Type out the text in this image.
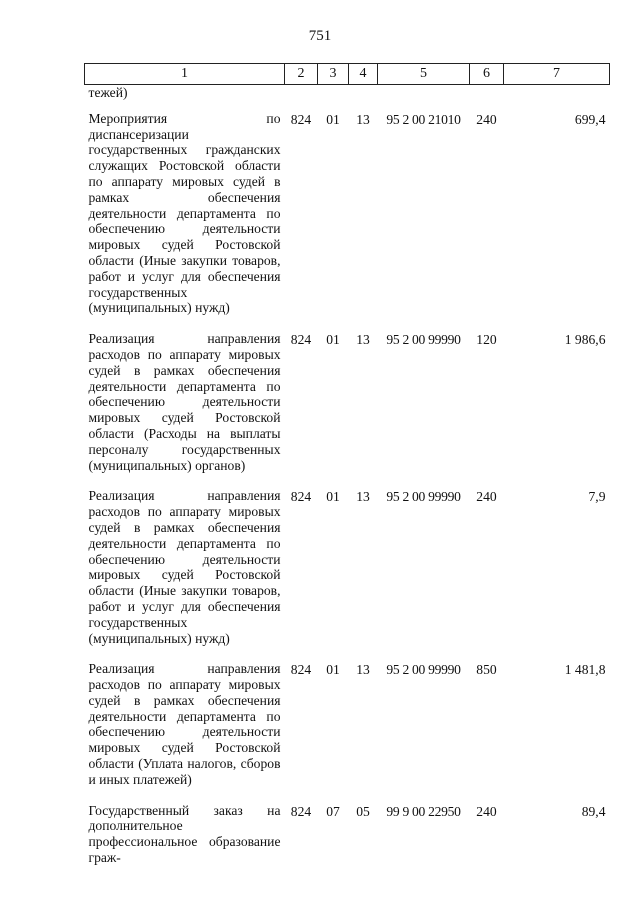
751
1	2	3	4	5	6	7
тежей)						
Мероприятия по диспансеризации государственных гражданских служащих Ростовской области по аппарату мировых судей в рамках обеспечения деятельности департамента по обеспечению деятельности мировых судей Ростовской области (Иные закупки товаров, работ и услуг для обеспечения государственных (муниципальных) нужд)	824	01	13	95 2 00 21010	240	699,4
Реализация направления расходов по аппарату мировых судей в рамках обеспечения деятельности департамента по обеспечению деятельности мировых судей Ростовской области (Расходы на выплаты персоналу государственных (муниципальных) органов)	824	01	13	95 2 00 99990	120	1 986,6
Реализация направления расходов по аппарату мировых судей в рамках обеспечения деятельности департамента по обеспечению деятельности мировых судей Ростовской области (Иные закупки товаров, работ и услуг для обеспечения государственных (муниципальных) нужд)	824	01	13	95 2 00 99990	240	7,9
Реализация направления расходов по аппарату мировых судей в рамках обеспечения деятельности департамента по обеспечению деятельности мировых судей Ростовской области (Уплата налогов, сборов и иных платежей)	824	01	13	95 2 00 99990	850	1 481,8
Государственный заказ на дополнительное профессиональное образование граж-	824	07	05	99 9 00 22950	240	89,4
